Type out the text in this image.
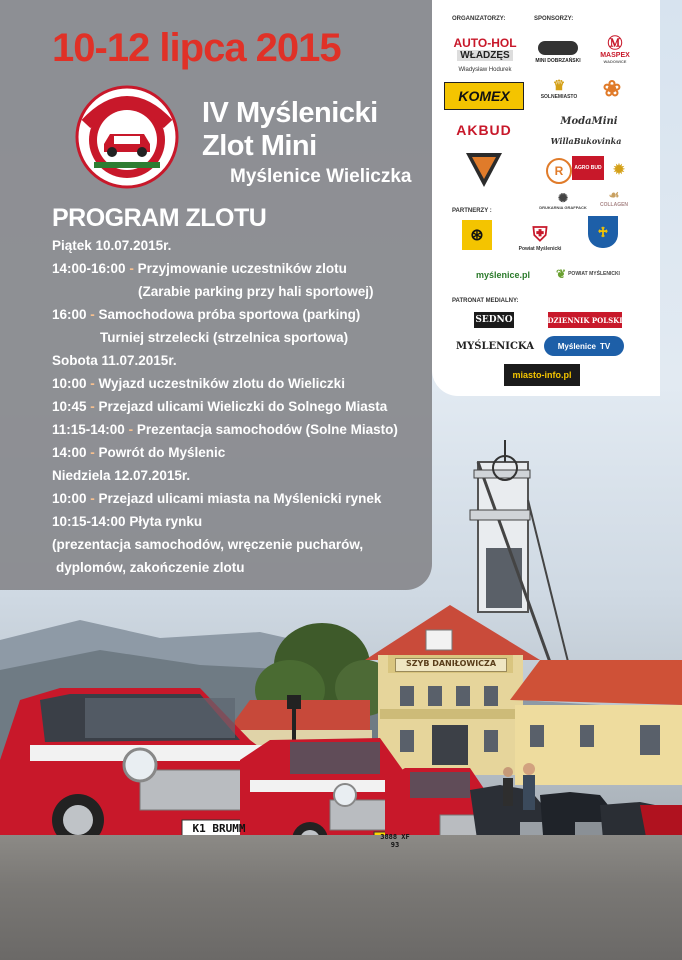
SZYB DANIŁOWICZA
K1 BRUMM
3888 XF 93
10-12 lipca 2015
IV Myślenicki
Zlot Mini
Myślenice Wieliczka
PROGRAM ZLOTU
Piątek 10.07.2015r.
14:00-16:00 - Przyjmowanie uczestników zlotu
(Zarabie parking przy hali sportowej)
16:00 - Samochodowa próba sportowa (parking)
Turniej strzelecki (strzelnica sportowa)
Sobota 11.07.2015r.
10:00 - Wyjazd uczestników zlotu do Wieliczki
10:45 - Przejazd ulicami Wieliczki do Solnego Miasta
11:15-14:00 - Prezentacja samochodów (Solne Miasto)
14:00 - Powrót do Myślenic
Niedziela 12.07.2015r.
10:00 - Przejazd ulicami miasta na Myślenicki rynek
10:15-14:00 Płyta rynku
(prezentacja samochodów, wręczenie pucharów,
dyplomów, zakończenie zlotu
ORGANIZATORZY:	SPONSORZY:
AUTO-HOL
WŁADZĘS
Władysław Hodurek
MINI DOBRZAŃSKI
Ⓜ
MASPEX
WADOWICE
KOMEX
♛
SOLNEMIASTO ❀
AKBUD
ModaMini
WillaBukovinka
R AGRO BUD ✹
✺
DRUKARNIA GRAFPACK
☙
COLLAGEN
PARTNERZY :
⊛ ⛨
Powiat Myślenicki
♱
myślenice.pl ❦ POWIAT MYŚLENICKI
PATRONAT MEDIALNY:
SEDNO	DZIENNIK POLSKI
MYŚLENICKA	Myślenice TV
miasto-info.pl
